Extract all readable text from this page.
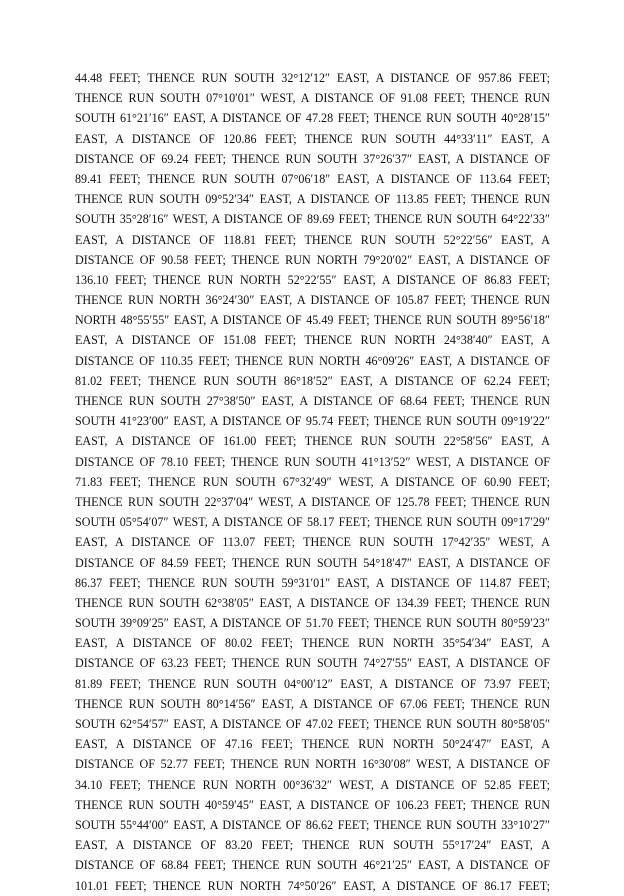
44.48 FEET; THENCE RUN SOUTH 32°12′12″ EAST, A DISTANCE OF 957.86 FEET;
THENCE RUN SOUTH 07°10′01″ WEST, A DISTANCE OF 91.08 FEET; THENCE RUN
SOUTH 61°21′16″ EAST, A DISTANCE OF 47.28 FEET; THENCE RUN SOUTH 40°28′15″
EAST, A DISTANCE OF 120.86 FEET; THENCE RUN SOUTH 44°33′11″ EAST, A
DISTANCE OF 69.24 FEET; THENCE RUN SOUTH 37°26′37″ EAST, A DISTANCE OF
89.41 FEET; THENCE RUN SOUTH 07°06′18″ EAST, A DISTANCE OF 113.64 FEET;
THENCE RUN SOUTH 09°52′34″ EAST, A DISTANCE OF 113.85 FEET; THENCE RUN
SOUTH 35°28′16″ WEST, A DISTANCE OF 89.69 FEET; THENCE RUN SOUTH 64°22′33″
EAST, A DISTANCE OF 118.81 FEET; THENCE RUN SOUTH 52°22′56″ EAST, A
DISTANCE OF 90.58 FEET; THENCE RUN NORTH 79°20′02″ EAST, A DISTANCE OF
136.10 FEET; THENCE RUN NORTH 52°22′55″ EAST, A DISTANCE OF 86.83 FEET;
THENCE RUN NORTH 36°24′30″ EAST, A DISTANCE OF 105.87 FEET; THENCE RUN
NORTH 48°55′55″ EAST, A DISTANCE OF 45.49 FEET; THENCE RUN SOUTH 89°56′18″
EAST, A DISTANCE OF 151.08 FEET; THENCE RUN NORTH 24°38′40″ EAST, A
DISTANCE OF 110.35 FEET; THENCE RUN NORTH 46°09′26″ EAST, A DISTANCE OF
81.02 FEET; THENCE RUN SOUTH 86°18′52″ EAST, A DISTANCE OF 62.24 FEET;
THENCE RUN SOUTH 27°38′50″ EAST, A DISTANCE OF 68.64 FEET; THENCE RUN
SOUTH 41°23′00″ EAST, A DISTANCE OF 95.74 FEET; THENCE RUN SOUTH 09°19′22″
EAST, A DISTANCE OF 161.00 FEET; THENCE RUN SOUTH 22°58′56″ EAST, A
DISTANCE OF 78.10 FEET; THENCE RUN SOUTH 41°13′52″ WEST, A DISTANCE OF
71.83 FEET; THENCE RUN SOUTH 67°32′49″ WEST, A DISTANCE OF 60.90 FEET;
THENCE RUN SOUTH 22°37′04″ WEST, A DISTANCE OF 125.78 FEET; THENCE RUN
SOUTH 05°54′07″ WEST, A DISTANCE OF 58.17 FEET; THENCE RUN SOUTH 09°17′29″
EAST, A DISTANCE OF 113.07 FEET; THENCE RUN SOUTH 17°42′35″ WEST, A
DISTANCE OF 84.59 FEET; THENCE RUN SOUTH 54°18′47″ EAST, A DISTANCE OF
86.37 FEET; THENCE RUN SOUTH 59°31′01″ EAST, A DISTANCE OF 114.87 FEET;
THENCE RUN SOUTH 62°38′05″ EAST, A DISTANCE OF 134.39 FEET; THENCE RUN
SOUTH 39°09′25″ EAST, A DISTANCE OF 51.70 FEET; THENCE RUN SOUTH 80°59′23″
EAST, A DISTANCE OF 80.02 FEET; THENCE RUN NORTH 35°54′34″ EAST, A
DISTANCE OF 63.23 FEET; THENCE RUN SOUTH 74°27′55″ EAST, A DISTANCE OF
81.89 FEET; THENCE RUN SOUTH 04°00′12″ EAST, A DISTANCE OF 73.97 FEET;
THENCE RUN SOUTH 80°14′56″ EAST, A DISTANCE OF 67.06 FEET; THENCE RUN
SOUTH 62°54′57″ EAST, A DISTANCE OF 47.02 FEET; THENCE RUN SOUTH 80°58′05″
EAST, A DISTANCE OF 47.16 FEET; THENCE RUN NORTH 50°24′47″ EAST, A
DISTANCE OF 52.77 FEET; THENCE RUN NORTH 16°30′08″ WEST, A DISTANCE OF
34.10 FEET; THENCE RUN NORTH 00°36′32″ WEST, A DISTANCE OF 52.85 FEET;
THENCE RUN SOUTH 40°59′45″ EAST, A DISTANCE OF 106.23 FEET; THENCE RUN
SOUTH 55°44′00″ EAST, A DISTANCE OF 86.62 FEET; THENCE RUN SOUTH 33°10′27″
EAST, A DISTANCE OF 83.20 FEET; THENCE RUN SOUTH 55°17′24″ EAST, A
DISTANCE OF 68.84 FEET; THENCE RUN SOUTH 46°21′25″ EAST, A DISTANCE OF
101.01 FEET; THENCE RUN NORTH 74°50′26″ EAST, A DISTANCE OF 86.17 FEET;
